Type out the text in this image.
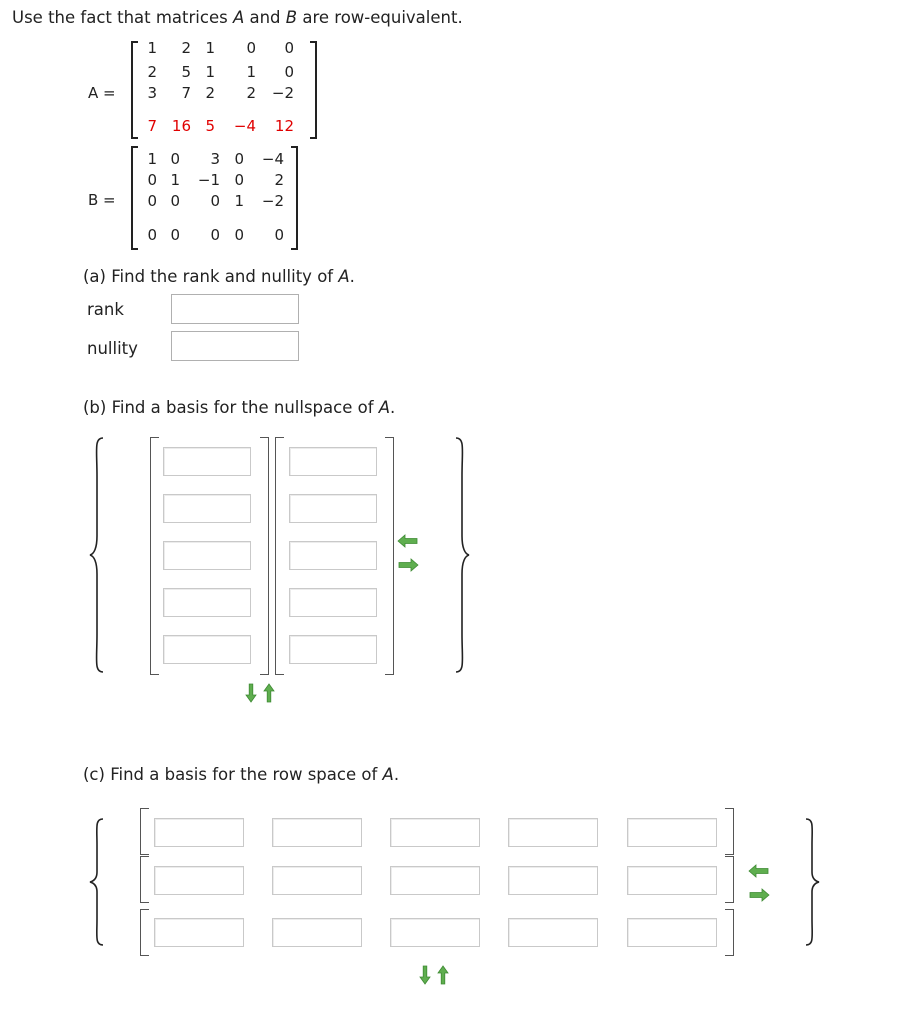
Use the fact that matrices A and B are row-equivalent.
A =
1	2 1	0	0
2	5 1	1	0
3	7 2	2 −2
7 16 5 −4	12
B =
1 0	3 0 −4
0 1 −1 0	2
0 0	0 1 −2
0 0	0 0	0
(a) Find the rank and nullity of A.
rank
nullity
(b) Find a basis for the nullspace of A.
(c) Find a basis for the row space of A.
